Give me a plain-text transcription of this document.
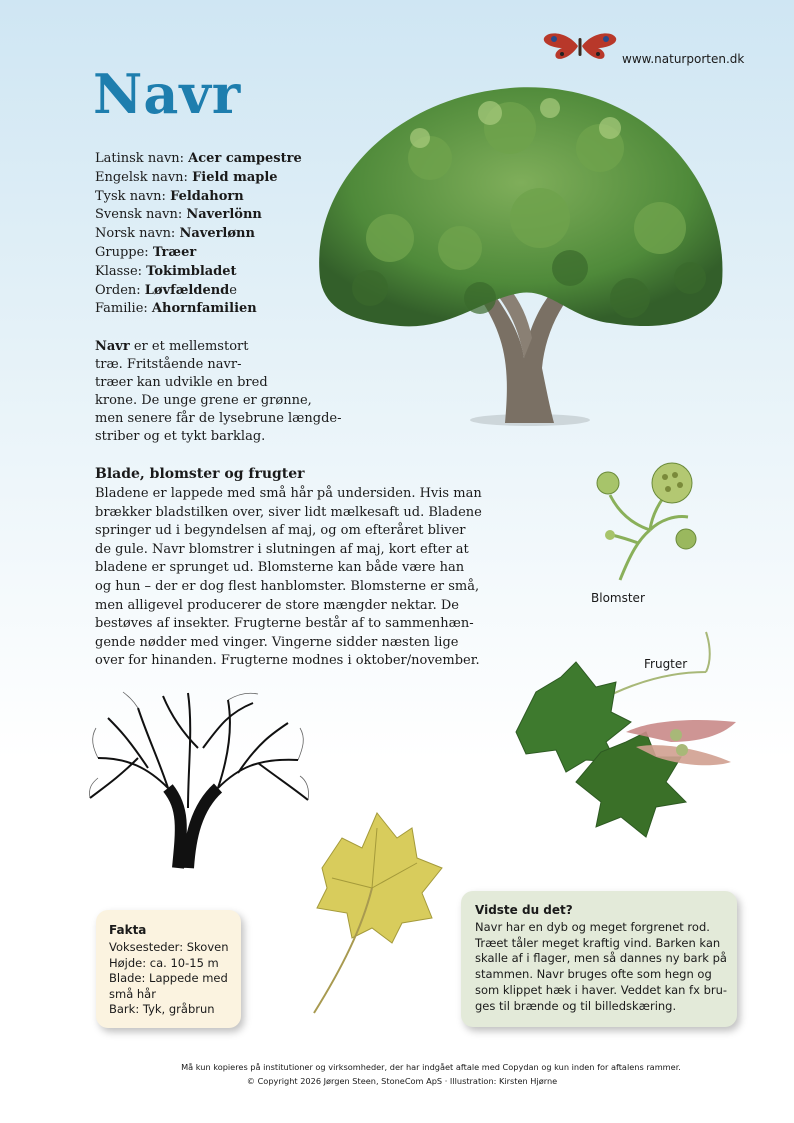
www.naturporten.dk
Navr
Latinsk navn: Acer campestre
Engelsk navn: Field maple
Tysk navn: Feldahorn
Svensk navn: Naverlönn
Norsk navn: Naverlønn
Gruppe: Træer
Klasse: Tokimbladet
Orden: Løvfældende
Familie: Ahornfamilien
Navr er et mellemstort
træ. Fritstående navr-
træer kan udvikle en bred
krone. De unge grene er grønne,
men senere får de lysebrune længde-
striber og et tykt barklag.
Blade, blomster og frugter
Bladene er lappede med små hår på undersiden. Hvis man
brækker bladstilken over, siver lidt mælkesaft ud. Bladene
springer ud i begyndelsen af maj, og om efteråret bliver
de gule. Navr blomstrer i slutningen af maj, kort efter at
bladene er sprunget ud. Blomsterne kan både være han
og hun – der er dog flest hanblomster. Blomsterne er små,
men alligevel producerer de store mængder nektar. De
bestøves af insekter. Frugterne består af to sammenhæn-
gende nødder med vinger. Vingerne sidder næsten lige
over for hinanden. Frugterne modnes i oktober/november.
Blomster
Frugter
Fakta
Voksesteder: Skoven
Højde: ca. 10-15 m
Blade: Lappede med
små hår
Bark: Tyk, gråbrun
Vidste du det?
Navr har en dyb og meget forgrenet rod.
Træet tåler meget kraftig vind. Barken kan
skalle af i flager, men så dannes ny bark på
stammen. Navr bruges ofte som hegn og
som klippet hæk i haver. Veddet kan fx bru-
ges til brænde og til billedskæring.
Må kun kopieres på institutioner og virksomheder, der har indgået aftale med Copydan og kun inden for aftalens rammer.
© Copyright 2026 Jørgen Steen, StoneCom ApS · Illustration: Kirsten Hjørne
